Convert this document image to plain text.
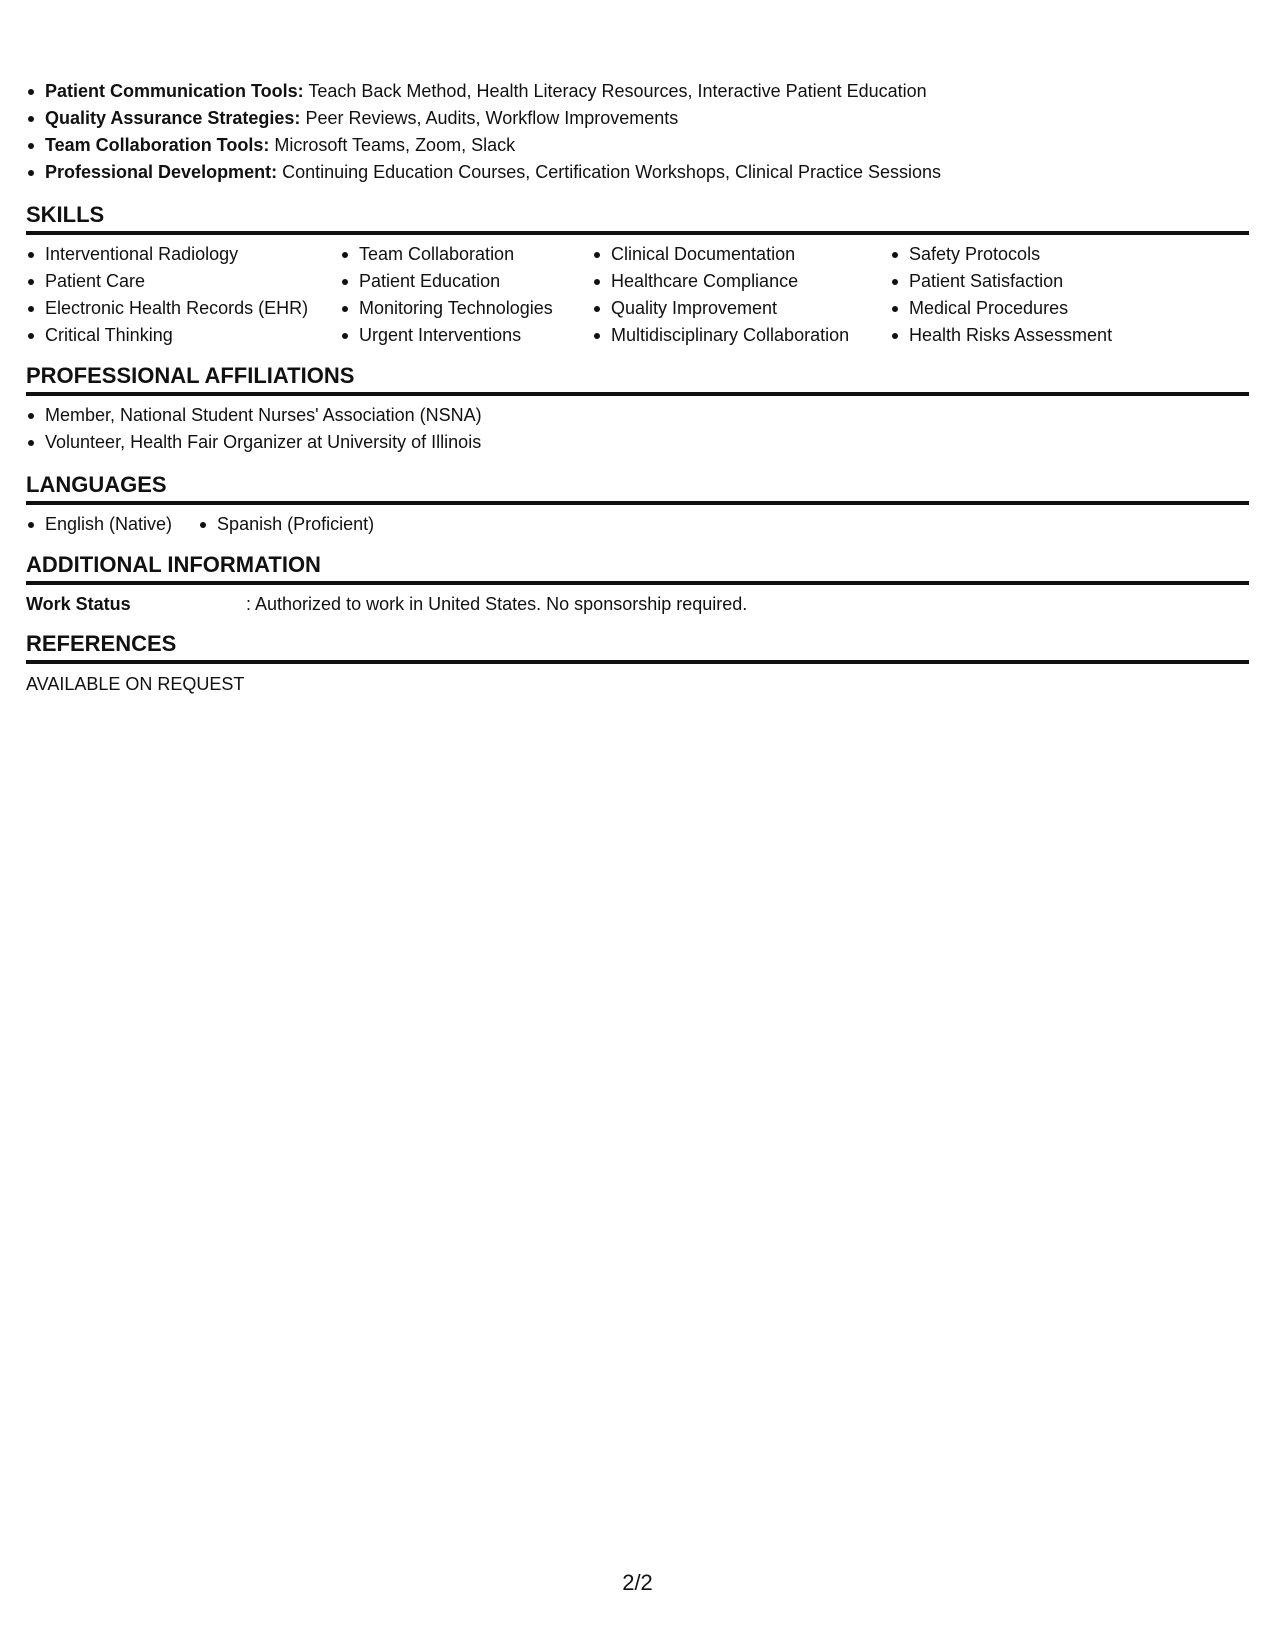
Patient Communication Tools: Teach Back Method, Health Literacy Resources, Interactive Patient Education
Quality Assurance Strategies: Peer Reviews, Audits, Workflow Improvements
Team Collaboration Tools: Microsoft Teams, Zoom, Slack
Professional Development: Continuing Education Courses, Certification Workshops, Clinical Practice Sessions
SKILLS
Interventional Radiology
Patient Care
Electronic Health Records (EHR)
Critical Thinking
Team Collaboration
Patient Education
Monitoring Technologies
Urgent Interventions
Clinical Documentation
Healthcare Compliance
Quality Improvement
Multidisciplinary Collaboration
Safety Protocols
Patient Satisfaction
Medical Procedures
Health Risks Assessment
PROFESSIONAL AFFILIATIONS
Member, National Student Nurses' Association (NSNA)
Volunteer, Health Fair Organizer at University of Illinois
LANGUAGES
English (Native)	Spanish (Proficient)
ADDITIONAL INFORMATION
Work Status	: Authorized to work in United States. No sponsorship required.
REFERENCES
AVAILABLE ON REQUEST
2/2
